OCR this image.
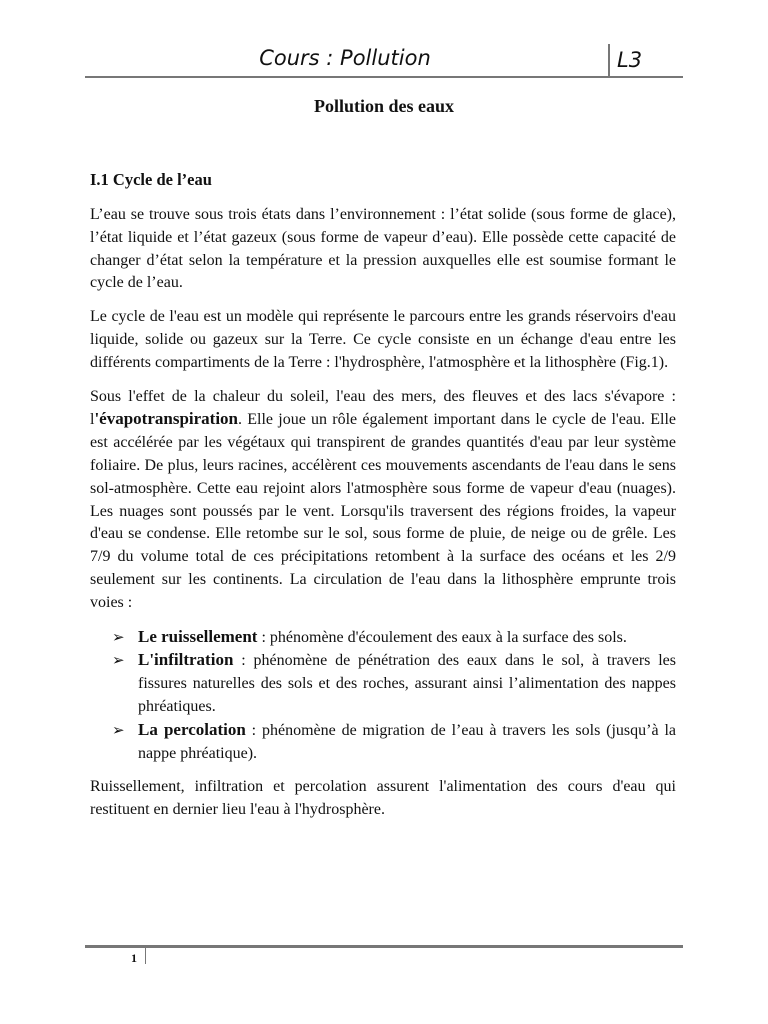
Cours : Pollution	L3
Pollution des eaux
I.1 Cycle de l’eau

L’eau se trouve sous trois états dans l’environnement : l’état solide (sous forme de glace), l’état liquide et l’état gazeux (sous forme de vapeur d’eau). Elle possède cette capacité de changer d’état selon la température et la pression auxquelles elle est soumise formant le cycle de l’eau.

Le cycle de l'eau est un modèle qui représente le parcours entre les grands réservoirs d'eau liquide, solide ou gazeux sur la Terre. Ce cycle consiste en un échange d'eau entre les différents compartiments de la Terre : l'hydrosphère, l'atmosphère et la lithosphère (Fig.1).

Sous l'effet de la chaleur du soleil, l'eau des mers, des fleuves et des lacs s'évapore : l'évapotranspiration. Elle joue un rôle également important dans le cycle de l'eau. Elle est accélérée par les végétaux qui transpirent de grandes quantités d'eau par leur système foliaire. De plus, leurs racines, accélèrent ces mouvements ascendants de l'eau dans le sens sol-atmosphère. Cette eau rejoint alors l'atmosphère sous forme de vapeur d'eau (nuages). Les nuages sont poussés par le vent. Lorsqu'ils traversent des régions froides, la vapeur d'eau se condense. Elle retombe sur le sol, sous forme de pluie, de neige ou de grêle. Les 7/9 du volume total de ces précipitations retombent à la surface des océans et les 2/9 seulement sur les continents. La circulation de l'eau dans la lithosphère emprunte trois voies :

➢ Le ruissellement : phénomène d'écoulement des eaux à la surface des sols.
➢ L'infiltration : phénomène de pénétration des eaux dans le sol, à travers les fissures naturelles des sols et des roches, assurant ainsi l’alimentation des nappes phréatiques.
➢ La percolation : phénomène de migration de l’eau à travers les sols (jusqu’à la nappe phréatique).

Ruissellement, infiltration et percolation assurent l'alimentation des cours d'eau qui restituent en dernier lieu l'eau à l'hydrosphère.

1
